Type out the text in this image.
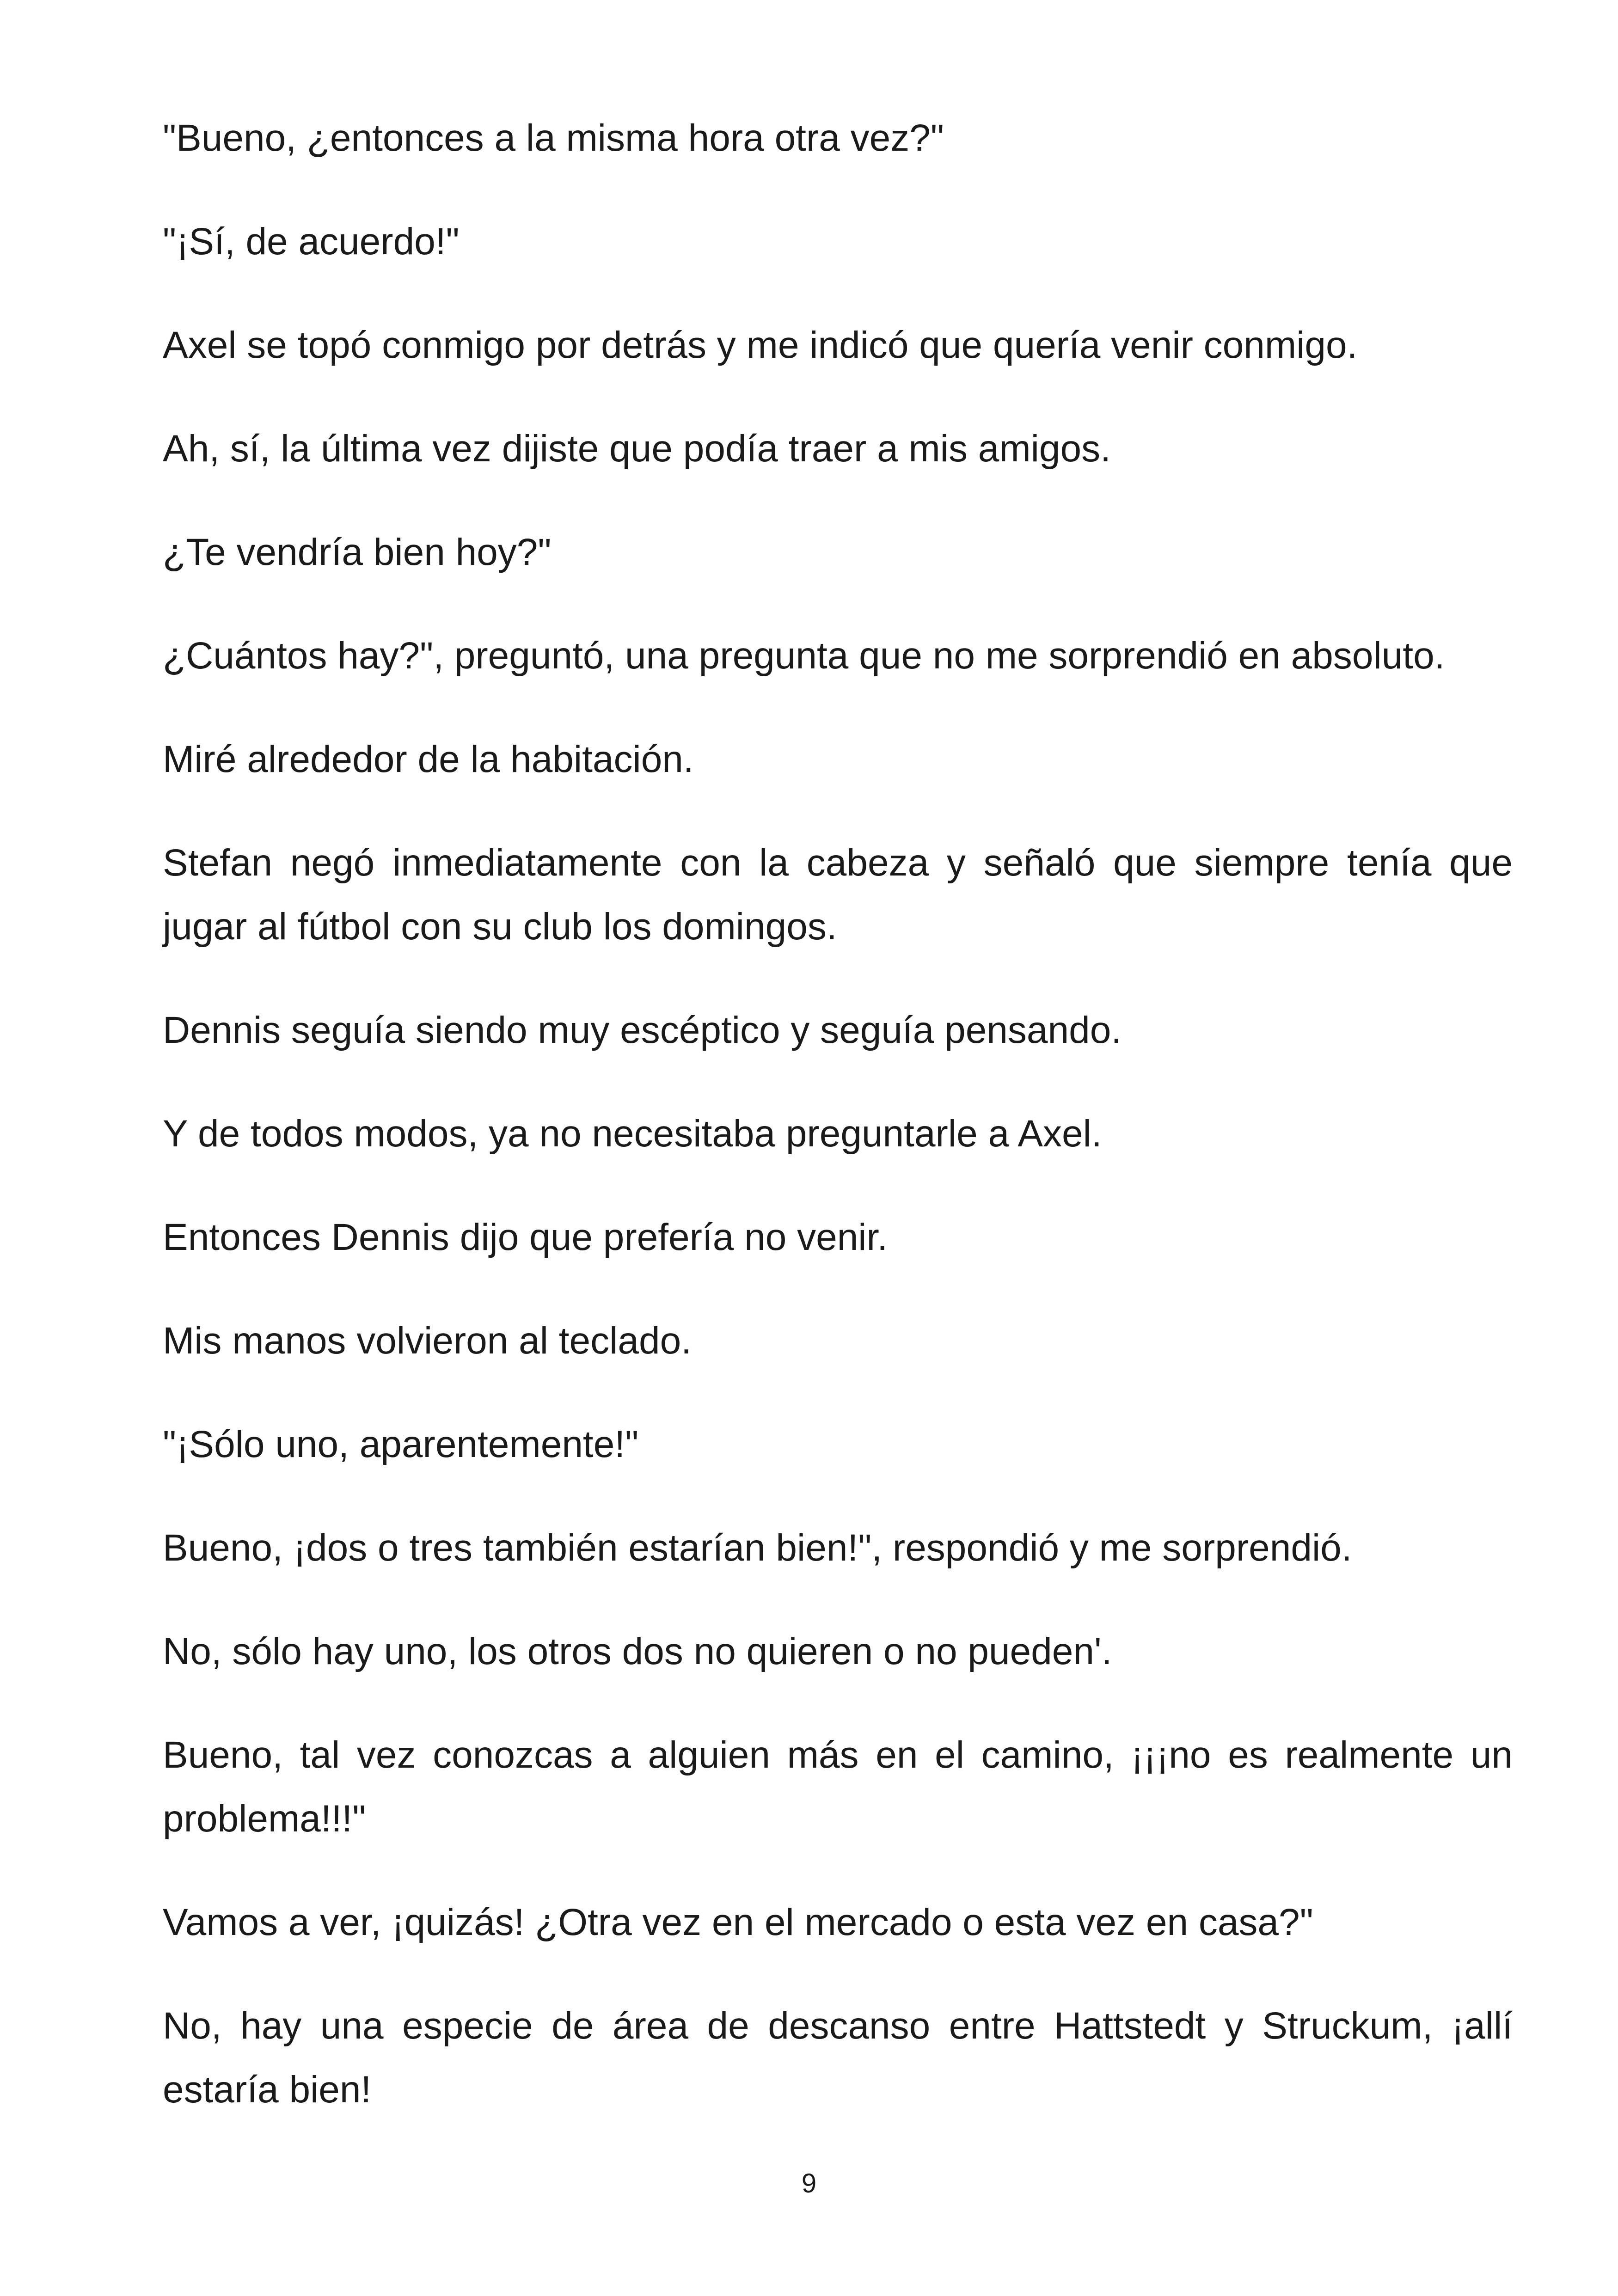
"Bueno, ¿entonces a la misma hora otra vez?"

"¡Sí, de acuerdo!"

Axel se topó conmigo por detrás y me indicó que quería venir conmigo.

Ah, sí, la última vez dijiste que podía traer a mis amigos.

¿Te vendría bien hoy?"

¿Cuántos hay?", preguntó, una pregunta que no me sorprendió en absoluto.

Miré alrededor de la habitación.

Stefan negó inmediatamente con la cabeza y señaló que siempre tenía que jugar al fútbol con su club los domingos.

Dennis seguía siendo muy escéptico y seguía pensando.

Y de todos modos, ya no necesitaba preguntarle a Axel.

Entonces Dennis dijo que prefería no venir.

Mis manos volvieron al teclado.

"¡Sólo uno, aparentemente!"

Bueno, ¡dos o tres también estarían bien!", respondió y me sorprendió.

No, sólo hay uno, los otros dos no quieren o no pueden'.

Bueno, tal vez conozcas a alguien más en el camino, ¡¡¡no es realmente un problema!!!"

Vamos a ver, ¡quizás! ¿Otra vez en el mercado o esta vez en casa?"

No, hay una especie de área de descanso entre Hattstedt y Struckum, ¡allí estaría bien!

9
